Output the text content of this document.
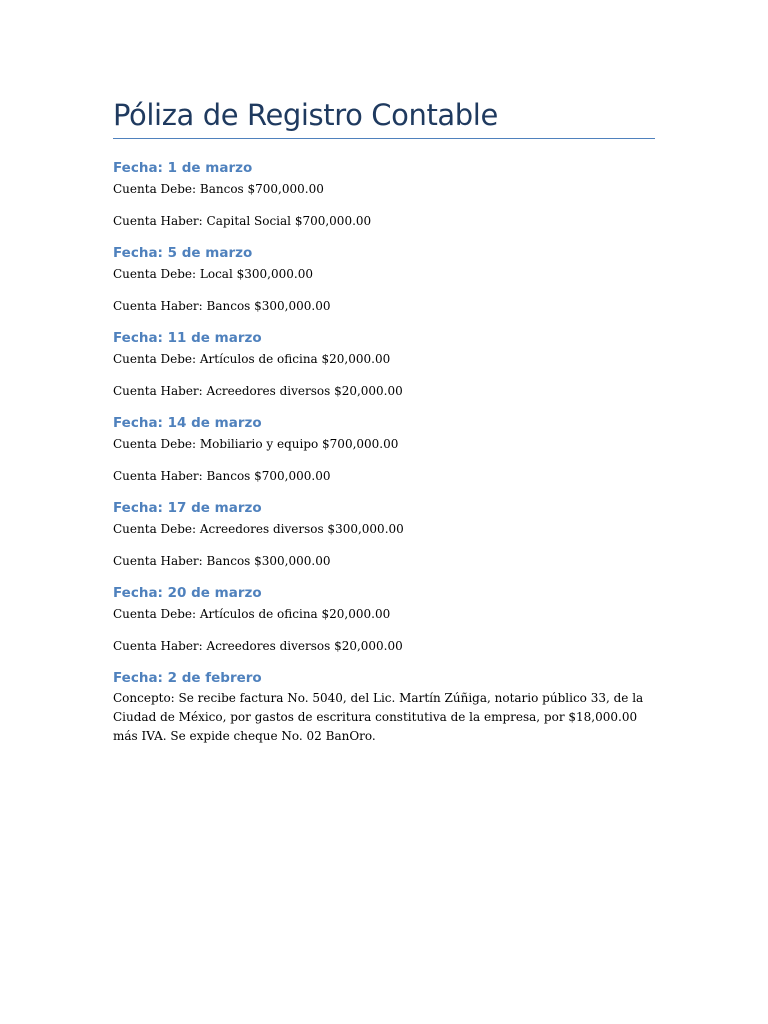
Póliza de Registro Contable
Fecha: 1 de marzo

Cuenta Debe: Bancos $700,000.00

Cuenta Haber: Capital Social $700,000.00

Fecha: 5 de marzo

Cuenta Debe: Local $300,000.00

Cuenta Haber: Bancos $300,000.00

Fecha: 11 de marzo

Cuenta Debe: Artículos de oficina $20,000.00

Cuenta Haber: Acreedores diversos $20,000.00

Fecha: 14 de marzo

Cuenta Debe: Mobiliario y equipo $700,000.00

Cuenta Haber: Bancos $700,000.00

Fecha: 17 de marzo

Cuenta Debe: Acreedores diversos $300,000.00

Cuenta Haber: Bancos $300,000.00

Fecha: 20 de marzo

Cuenta Debe: Artículos de oficina $20,000.00

Cuenta Haber: Acreedores diversos $20,000.00

Fecha: 2 de febrero

Concepto: Se recibe factura No. 5040, del Lic. Martín Zúñiga, notario público 33, de la Ciudad de México, por gastos de escritura constitutiva de la empresa, por $18,000.00 más IVA. Se expide cheque No. 02 BanOro.
